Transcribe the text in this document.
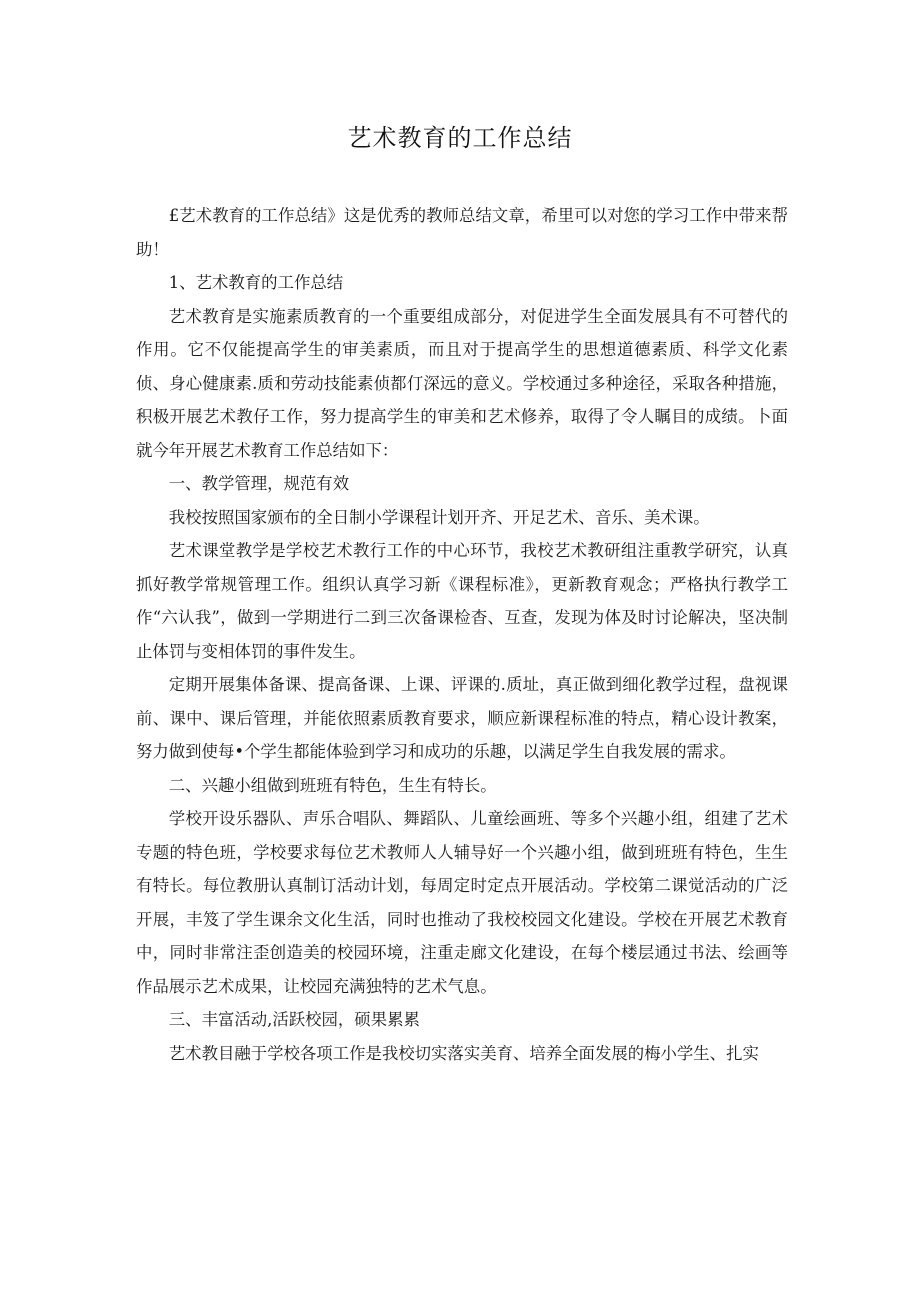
艺术教育的工作总结

£艺术教育的工作总结》这是优秀的教师总结文章，希里可以对您的学习工作中带来帮助！

1、艺术教育的工作总结

艺术教育是实施素质教育的一个重要组成部分，对促进学生全面发展具有不可替代的作用。它不仅能提高学生的审美素质，而且对于提高学生的思想道德素质、科学文化素侦、身心健康素.质和劳动技能素侦都仃深远的意义。学校通过多种途径，采取各种措施，积极开展艺术教仔工作，努力提高学生的审美和艺术修养，取得了令人瞩目的成绩。卜面就今年开展艺术教育工作总结如下：

一、教学管理，规范有效

我校按照国家颁布的全日制小学课程计划开齐、开足艺术、音乐、美术课。

艺术课堂教学是学校艺术教行工作的中心环节，我校艺术教研组注重教学研究，认真抓好教学常规管理工作。组织认真学习新《课程标准》，更新教育观念；严格执行教学工作“六认我”，做到一学期进行二到三次备课检杳、互查，发现为体及时讨论解决，坚决制止体罚与变相体罚的事件发生。

定期开展集体备课、提高备课、上课、评课的.质址，真正做到细化教学过程，盘视课前、课中、课后管理，并能依照素质教育要求，顺应新课程标准的特点，精心设计教案，努力做到使每•个学生都能体验到学习和成功的乐趣，以满足学生自我发展的需求。

二、兴趣小组做到班班有特色，生生有特长。

学校开设乐器队、声乐合唱队、舞蹈队、儿童绘画班、等多个兴趣小组，组建了艺术专题的特色班，学校要求每位艺术教师人人辅导好一个兴趣小组，做到班班有特色，生生有特长。每位教册认真制订活动计划，每周定时定点开展活动。学校第二课觉活动的广泛开展，丰笈了学生课余文化生活，同时也推动了我校校园文化建设。学校在开展艺术教育中，同时非常注歪创造美的校园环境，注重走廊文化建设，在每个楼层通过书法、绘画等作品展示艺术成果，让校园充满独特的艺术气息。

三、丰富活动,活跃校园，硕果累累

艺术教目融于学校各项工作是我校切实落实美育、培养全面发展的梅小学生、扎实
